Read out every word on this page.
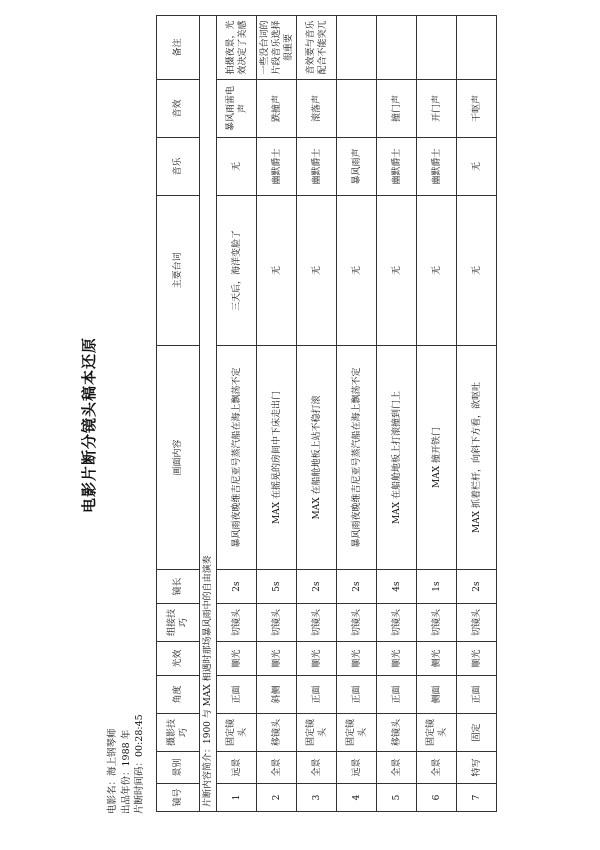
电影片断分镜头稿本还原
电影名：海上钢琴师 出品年份：1988 年 片断时间码：00:28:45	片断内容简介：1900 与 MAX 相遇时那场暴风雨中的自由演奏											
镜号	景别	摄影技巧	角度	光效	组接技巧	镜长	画面内容	主要台词	音乐	音效	备注
1	远景	固定镜头	正面	顺光	切镜头	2s	暴风雨夜晚维吉尼亚号蒸汽船在海上飘荡不定	三天后，海洋变脸了	无	暴风雨雷电声	拍摄夜景，光效决定了美感
2	全景	移镜头	斜侧	顺光	切镜头	5s	MAX 在摇晃的房间中下床走出门	无	幽默爵士	跌撞声	一些没台词的片段音乐选择很重要
3	全景	固定镜头	正面	顺光	切镜头	2s	MAX 在船舱地板上站不稳打滚	无	幽默爵士	滚落声	音效要与音乐配合不能突兀
4	远景	固定镜头	正面	顺光	切镜头	2s	暴风雨夜晚维吉尼亚号蒸汽船在海上飘荡不定	无	暴风雨声		
5	全景	移镜头	正面	顺光	切镜头	4s	MAX 在船舱地板上打滚撞到门上	无	幽默爵士	撞门声	
6	全景	固定镜头	侧面	侧光	切镜头	1s	MAX 撞开铁门	无	幽默爵士	开门声	
7	特写	固定	正面	顺光	切镜头	2s	MAX 抓着栏杆，向斜下方看，欲呕吐	无	无	干呕声	
